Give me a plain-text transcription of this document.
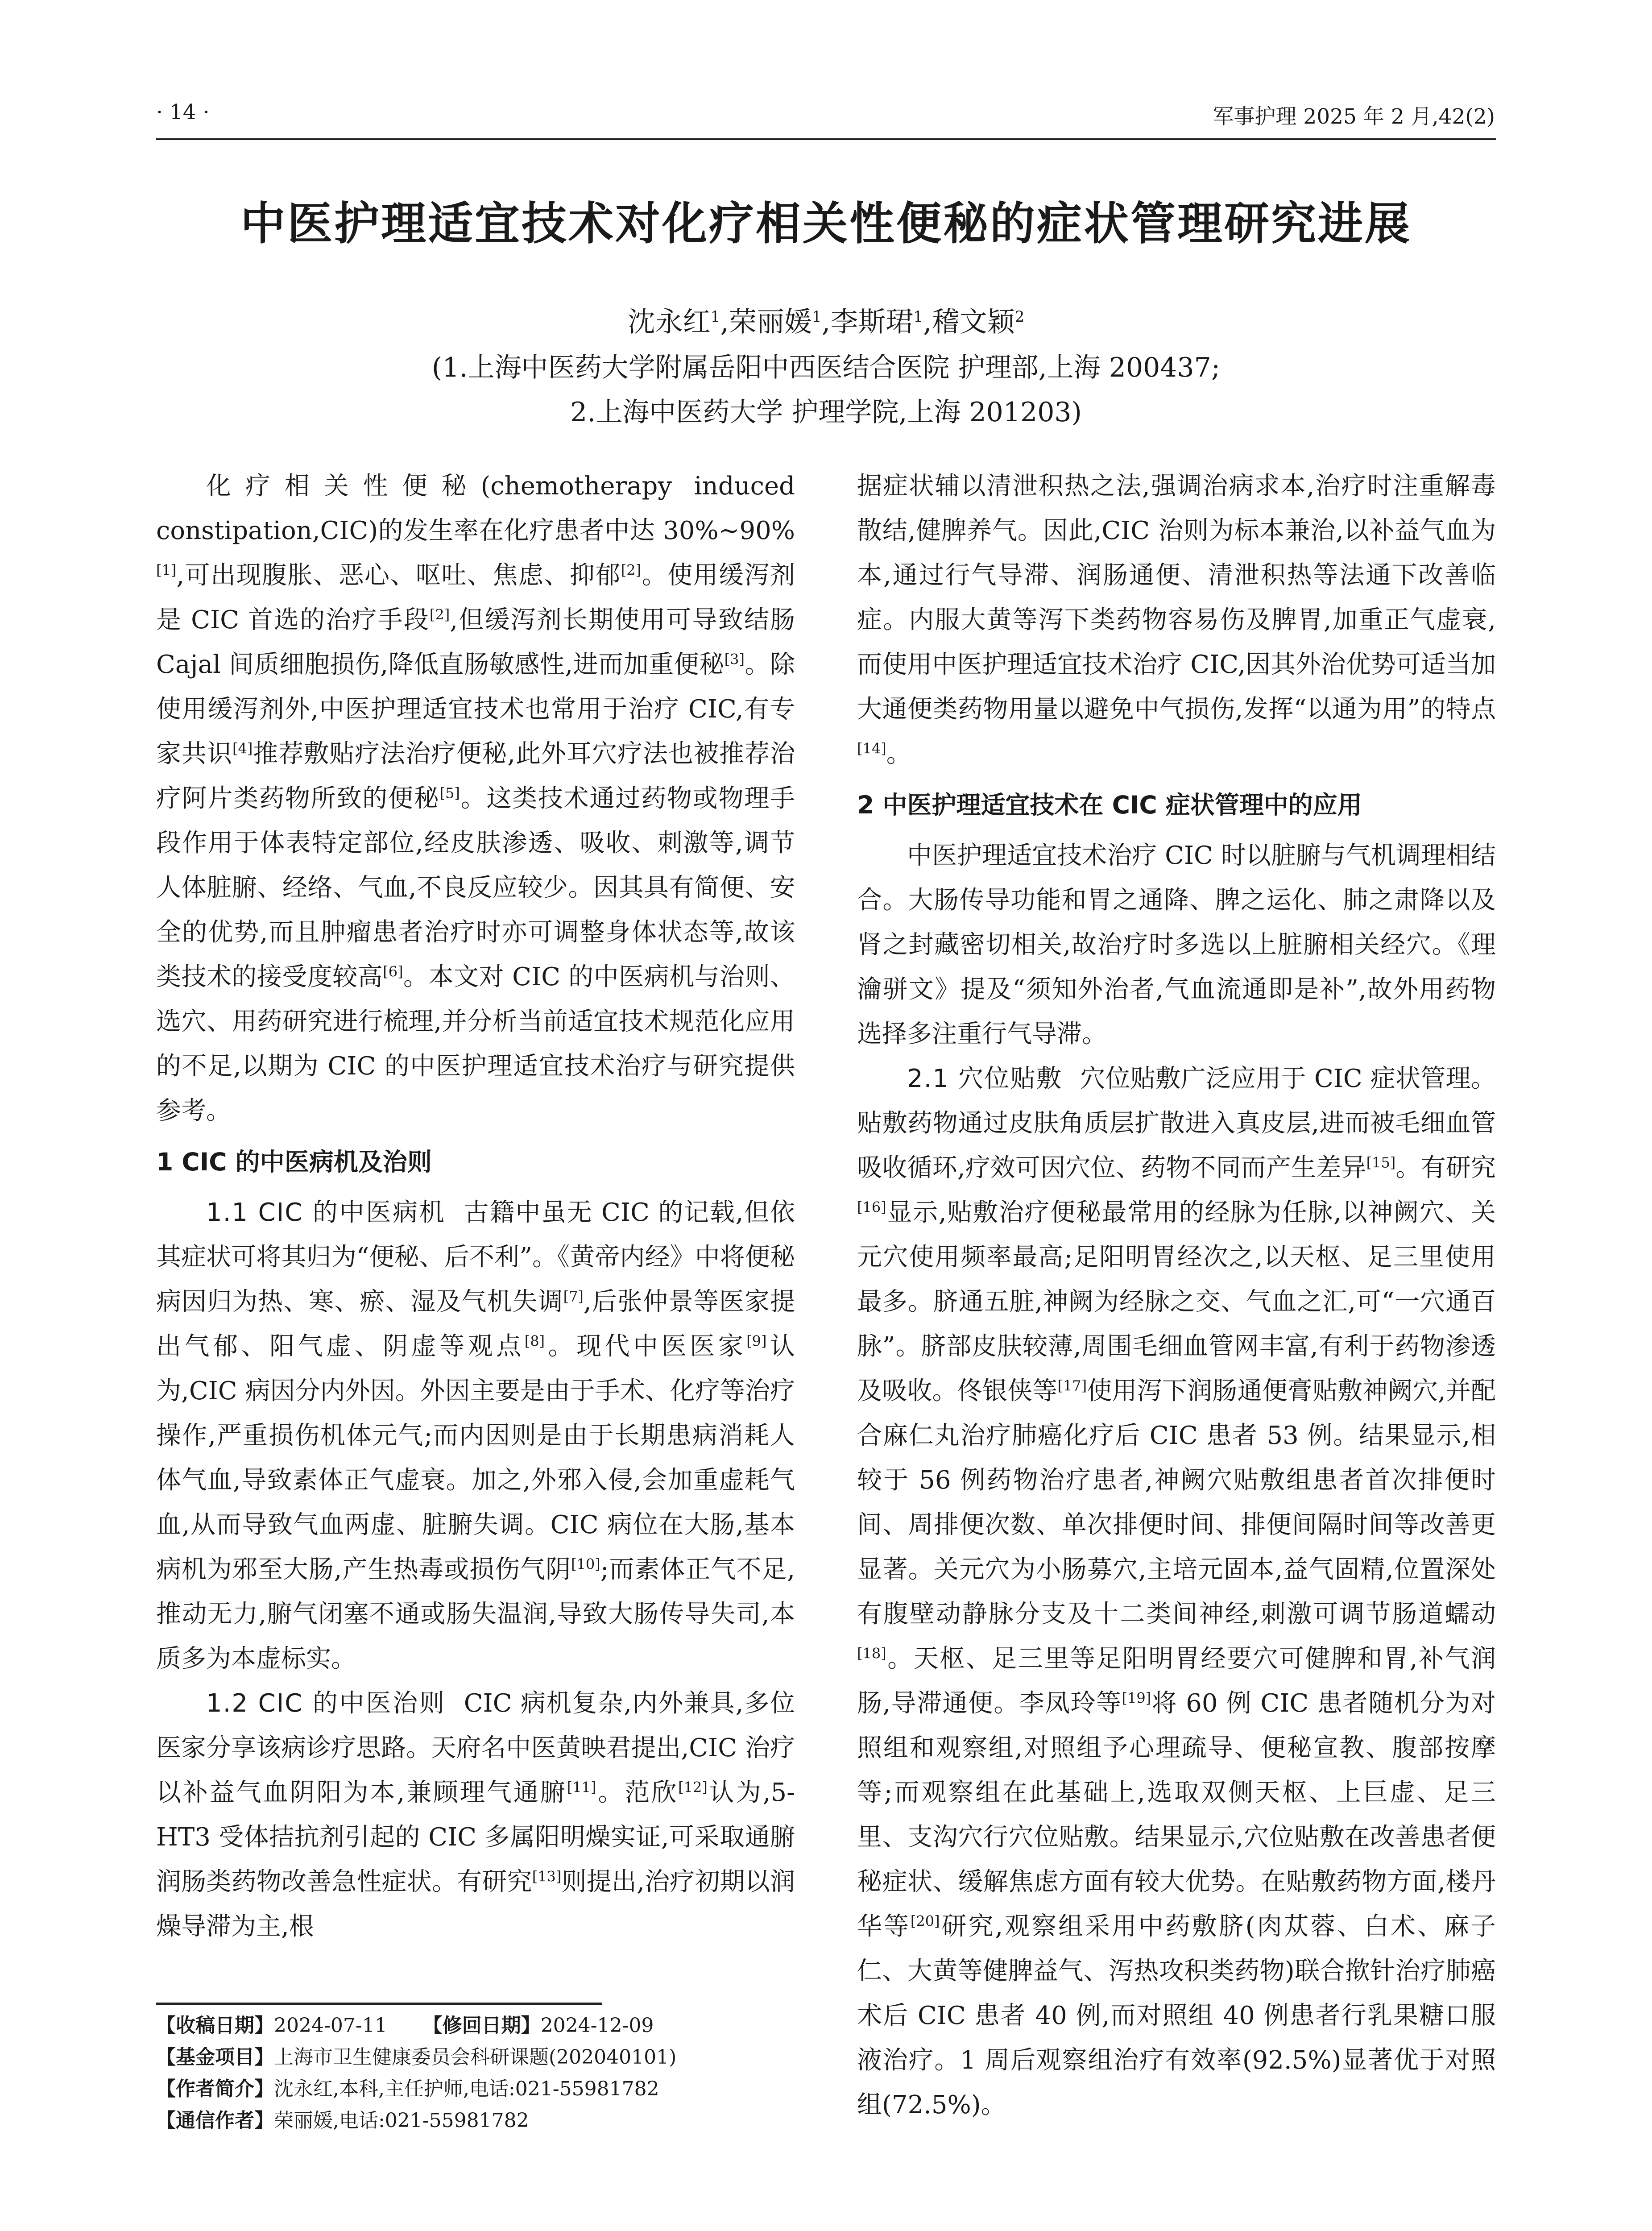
· 14 ·	军事护理 2025 年 2 月,42(2)
中医护理适宜技术对化疗相关性便秘的症状管理研究进展
沈永红$^1$,荣丽媛$^1$,李斯珺$^1$,稽文颖$^2$
(1.上海中医药大学附属岳阳中西医结合医院 护理部,上海 200437;
2.上海中医药大学 护理学院,上海 201203)

化疗相关性便秘(chemotherapy induced constipation,CIC)的发生率在化疗患者中达 30%~90%[1],可出现腹胀、恶心、呕吐、焦虑、抑郁[2]。使用缓泻剂是 CIC 首选的治疗手段[2],但缓泻剂长期使用可导致结肠 Cajal 间质细胞损伤,降低直肠敏感性,进而加重便秘[3]。除使用缓泻剂外,中医护理适宜技术也常用于治疗 CIC,有专家共识[4]推荐敷贴疗法治疗便秘,此外耳穴疗法也被推荐治疗阿片类药物所致的便秘[5]。这类技术通过药物或物理手段作用于体表特定部位,经皮肤渗透、吸收、刺激等,调节人体脏腑、经络、气血,不良反应较少。因其具有简便、安全的优势,而且肿瘤患者治疗时亦可调整身体状态等,故该类技术的接受度较高[6]。本文对 CIC 的中医病机与治则、选穴、用药研究进行梳理,并分析当前适宜技术规范化应用的不足,以期为 CIC 的中医护理适宜技术治疗与研究提供参考。

1 CIC 的中医病机及治则

1.1 CIC 的中医病机 古籍中虽无 CIC 的记载,但依其症状可将其归为“便秘、后不利”。《黄帝内经》中将便秘病因归为热、寒、瘀、湿及气机失调[7],后张仲景等医家提出气郁、阳气虚、阴虚等观点[8]。现代中医医家[9]认为,CIC 病因分内外因。外因主要是由于手术、化疗等治疗操作,严重损伤机体元气;而内因则是由于长期患病消耗人体气血,导致素体正气虚衰。加之,外邪入侵,会加重虚耗气血,从而导致气血两虚、脏腑失调。CIC 病位在大肠,基本病机为邪至大肠,产生热毒或损伤气阴[10];而素体正气不足,推动无力,腑气闭塞不通或肠失温润,导致大肠传导失司,本质多为本虚标实。

1.2 CIC 的中医治则 CIC 病机复杂,内外兼具,多位医家分享该病诊疗思路。天府名中医黄映君提出,CIC 治疗以补益气血阴阳为本,兼顾理气通腑[11]。范欣[12]认为,5-HT3 受体拮抗剂引起的 CIC 多属阳明燥实证,可采取通腑润肠类药物改善急性症状。有研究[13]则提出,治疗初期以润燥导滞为主,根

【收稿日期】2024-07-11 【修回日期】2024-12-09
【基金项目】上海市卫生健康委员会科研课题(202040101)
【作者简介】沈永红,本科,主任护师,电话:021-55981782
【通信作者】荣丽媛,电话:021-55981782

据症状辅以清泄积热之法,强调治病求本,治疗时注重解毒散结,健脾养气。因此,CIC 治则为标本兼治,以补益气血为本,通过行气导滞、润肠通便、清泄积热等法通下改善临症。内服大黄等泻下类药物容易伤及脾胃,加重正气虚衰,而使用中医护理适宜技术治疗 CIC,因其外治优势可适当加大通便类药物用量以避免中气损伤,发挥“以通为用”的特点[14]。

2 中医护理适宜技术在 CIC 症状管理中的应用

中医护理适宜技术治疗 CIC 时以脏腑与气机调理相结合。大肠传导功能和胃之通降、脾之运化、肺之肃降以及肾之封藏密切相关,故治疗时多选以上脏腑相关经穴。《理瀹骈文》提及“须知外治者,气血流通即是补”,故外用药物选择多注重行气导滞。

2.1 穴位贴敷 穴位贴敷广泛应用于 CIC 症状管理。贴敷药物通过皮肤角质层扩散进入真皮层,进而被毛细血管吸收循环,疗效可因穴位、药物不同而产生差异[15]。有研究[16]显示,贴敷治疗便秘最常用的经脉为任脉,以神阙穴、关元穴使用频率最高;足阳明胃经次之,以天枢、足三里使用最多。脐通五脏,神阙为经脉之交、气血之汇,可“一穴通百脉”。脐部皮肤较薄,周围毛细血管网丰富,有利于药物渗透及吸收。佟银侠等[17]使用泻下润肠通便膏贴敷神阙穴,并配合麻仁丸治疗肺癌化疗后 CIC 患者 53 例。结果显示,相较于 56 例药物治疗患者,神阙穴贴敷组患者首次排便时间、周排便次数、单次排便时间、排便间隔时间等改善更显著。关元穴为小肠募穴,主培元固本,益气固精,位置深处有腹壁动静脉分支及十二类间神经,刺激可调节肠道蠕动[18]。天枢、足三里等足阳明胃经要穴可健脾和胃,补气润肠,导滞通便。李凤玲等[19]将 60 例 CIC 患者随机分为对照组和观察组,对照组予心理疏导、便秘宣教、腹部按摩等;而观察组在此基础上,选取双侧天枢、上巨虚、足三里、支沟穴行穴位贴敷。结果显示,穴位贴敷在改善患者便秘症状、缓解焦虑方面有较大优势。在贴敷药物方面,楼丹华等[20]研究,观察组采用中药敷脐(肉苁蓉、白术、麻子仁、大黄等健脾益气、泻热攻积类药物)联合揿针治疗肺癌术后 CIC 患者 40 例,而对照组 40 例患者行乳果糖口服液治疗。1 周后观察组治疗有效率(92.5%)显著优于对照组(72.5%)。
